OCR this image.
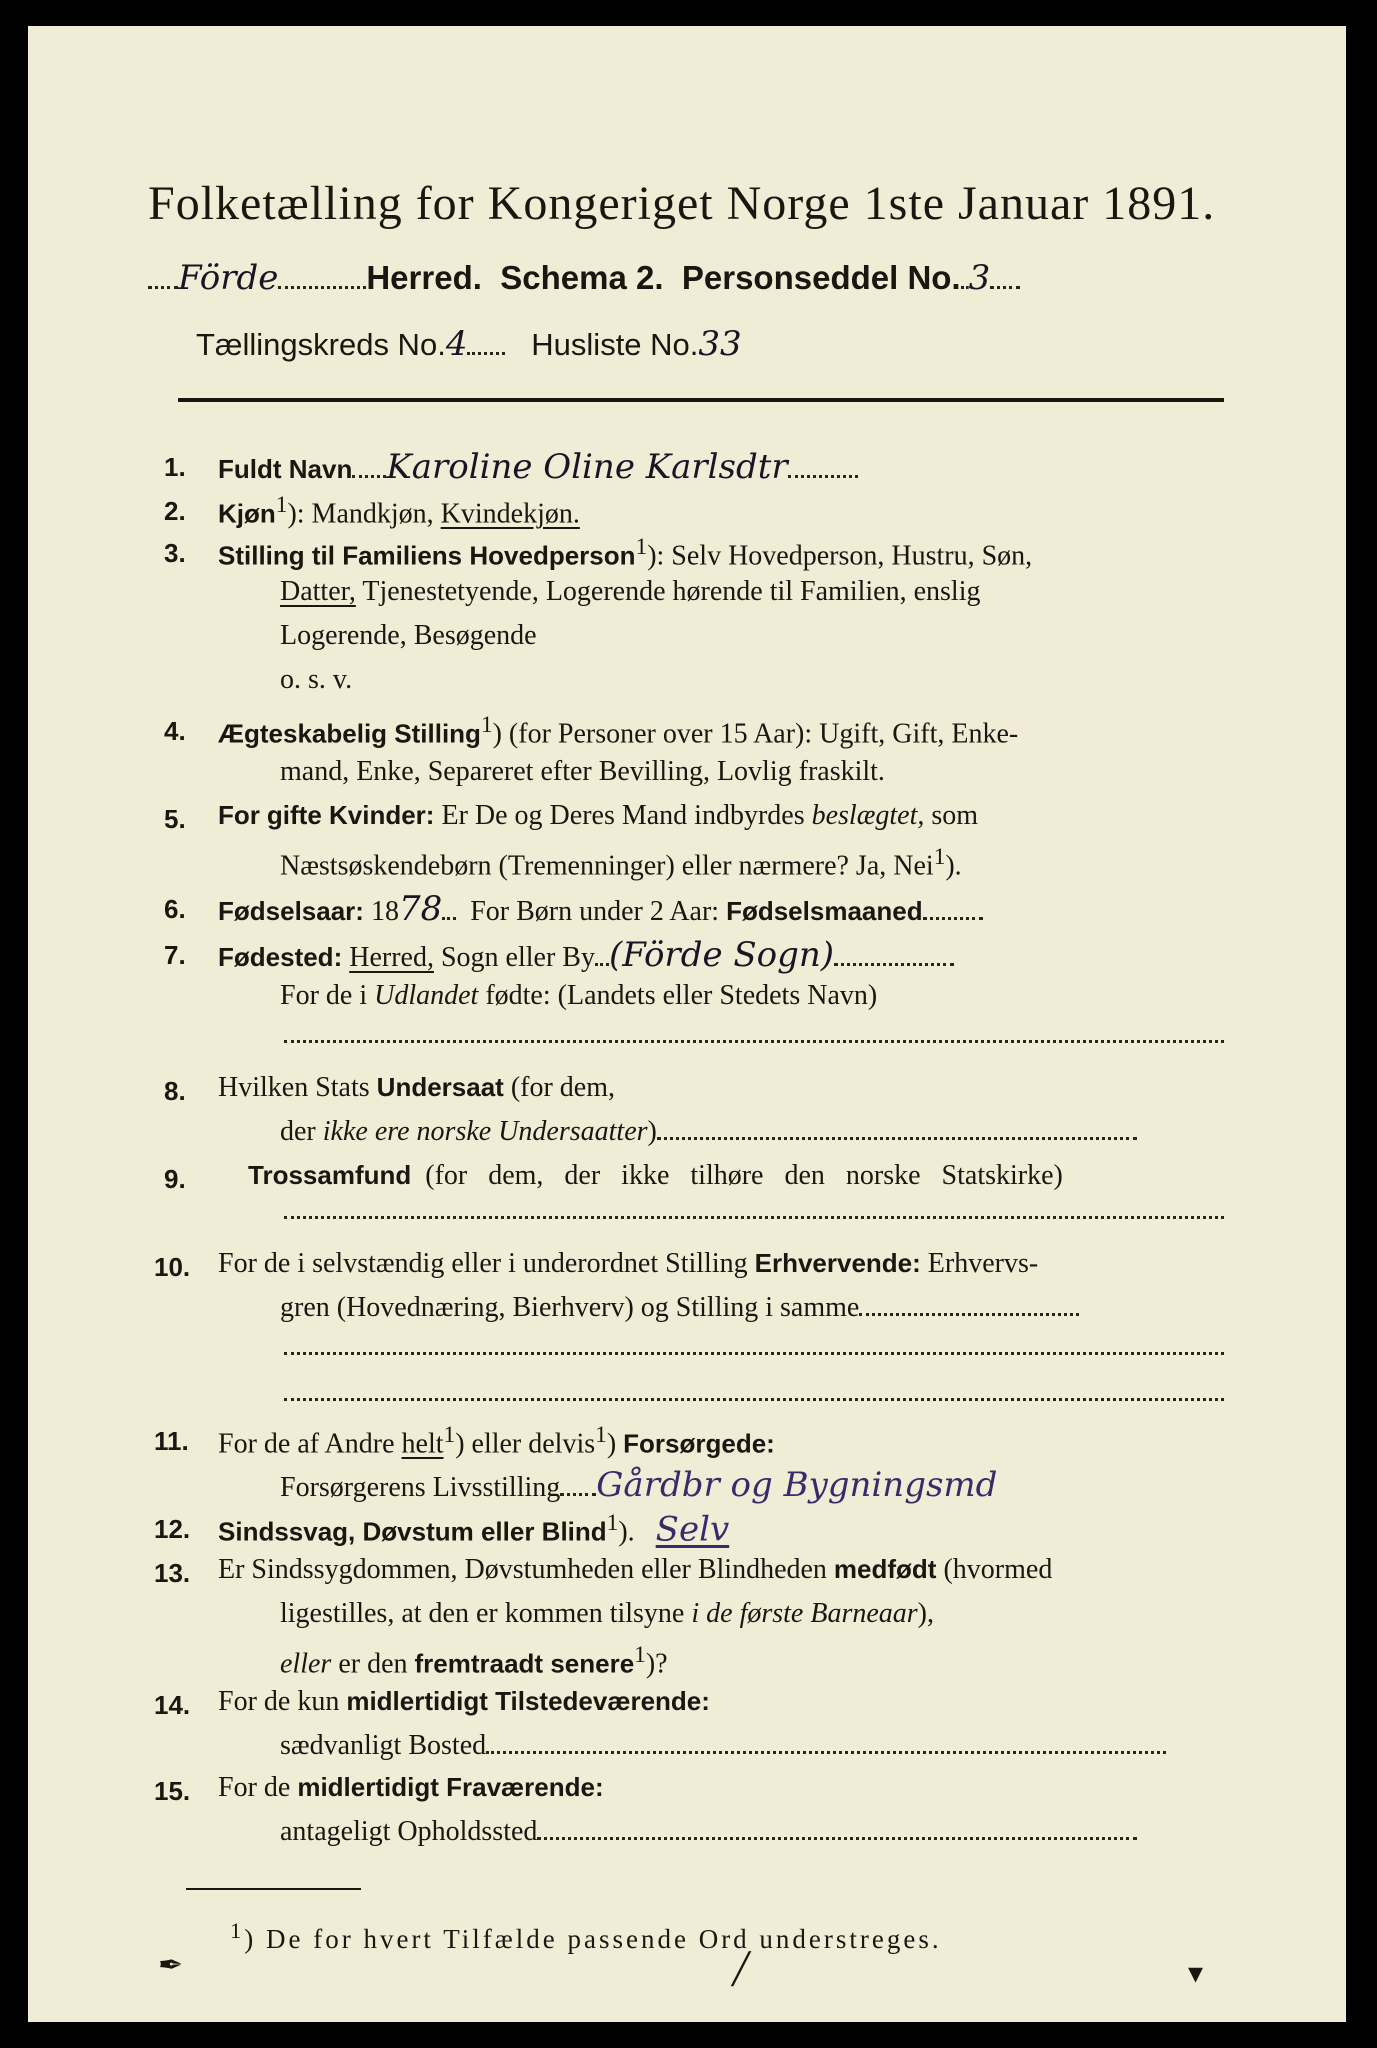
Folketælling for Kongeriget Norge 1ste Januar 1891.
Förde	Herred. Schema 2. Personseddel No. 3
Tællingskreds No.4 Husliste No.33
1. Fuldt Navn Karoline Oline Karlsdtr
2. Kjøn$^1$): Mandkjøn, Kvindekjøn.
3. Stilling til Familiens Hovedperson$^1$): Selv Hovedperson, Hustru, Søn,
Datter, Tjenestetyende, Logerende hørende til Familien, enslig
Logerende, Besøgende
o. s. v.
4. Ægteskabelig Stilling$^1$) (for Personer over 15 Aar): Ugift, Gift, Enke-
mand, Enke, Separeret efter Bevilling, Lovlig fraskilt.
5. For gifte Kvinder: Er De og Deres Mand indbyrdes beslægtet, som
Næstsøskendebørn (Tremenninger) eller nærmere? Ja, Nei$^1$).
6. Fødselsaar: 1878 For Børn under 2 Aar: Fødselsmaaned
7. Fødested: Herred, Sogn eller By (Förde Sogn)
For de i Udlandet fødte: (Landets eller Stedets Navn)
8. Hvilken Stats Undersaat (for dem,
der ikke ere norske Undersaatter)
9. Trossamfund (for dem, der ikke tilhøre den norske Statskirke)
10. For de i selvstændig eller i underordnet Stilling Erhvervende: Erhvervs-
gren (Hovednæring, Bierhverv) og Stilling i samme
11. For de af Andre helt$^1$) eller delvis$^1$) Forsørgede:
Forsørgerens Livsstilling Gårdbr og Bygningsmd
12. Sindssvag, Døvstum eller Blind$^1$). Selv
13. Er Sindssygdommen, Døvstumheden eller Blindheden medfødt (hvormed
ligestilles, at den er kommen tilsyne i de første Barneaar),
eller er den fremtraadt senere$^1$)?
14. For de kun midlertidigt Tilstedeværende:
sædvanligt Bosted
15. For de midlertidigt Fraværende:
antageligt Opholdssted
$^1$) De for hvert Tilfælde passende Ord understreges.
✒	╱	▾
